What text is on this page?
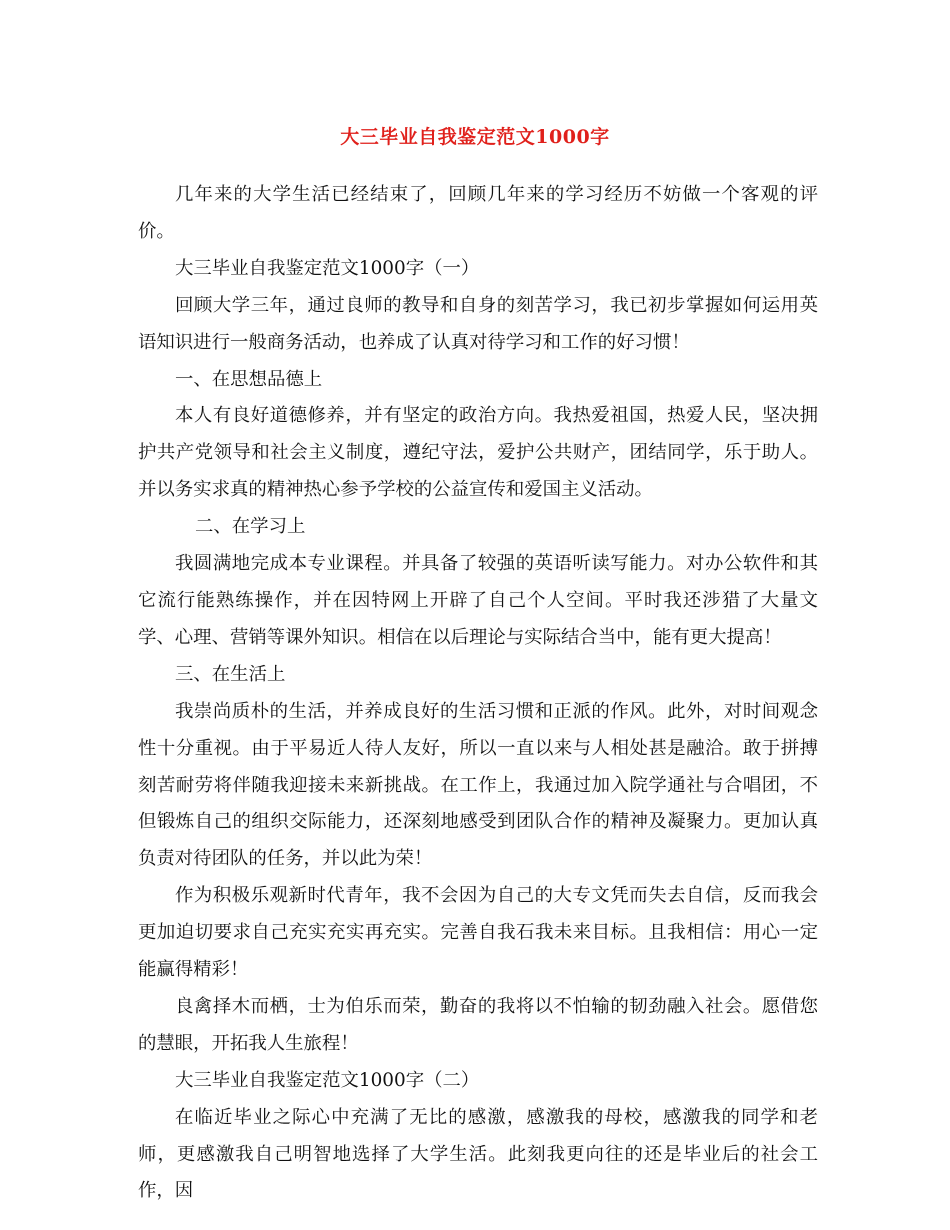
大三毕业自我鉴定范文1000字

几年来的大学生活已经结束了，回顾几年来的学习经历不妨做一个客观的评价。

大三毕业自我鉴定范文1000字（一）

回顾大学三年，通过良师的教导和自身的刻苦学习，我已初步掌握如何运用英语知识进行一般商务活动，也养成了认真对待学习和工作的好习惯！

一、在思想品德上

本人有良好道德修养，并有坚定的政治方向。我热爱祖国，热爱人民，坚决拥护共产党领导和社会主义制度，遵纪守法，爱护公共财产，团结同学，乐于助人。并以务实求真的精神热心参予学校的公益宣传和爱国主义活动。

二、在学习上

我圆满地完成本专业课程。并具备了较强的英语听读写能力。对办公软件和其它流行能熟练操作，并在因特网上开辟了自己个人空间。平时我还涉猎了大量文学、心理、营销等课外知识。相信在以后理论与实际结合当中，能有更大提高！

三、在生活上

我崇尚质朴的生活，并养成良好的生活习惯和正派的作风。此外，对时间观念性十分重视。由于平易近人待人友好，所以一直以来与人相处甚是融洽。敢于拼搏刻苦耐劳将伴随我迎接未来新挑战。在工作上，我通过加入院学通社与合唱团，不但锻炼自己的组织交际能力，还深刻地感受到团队合作的精神及凝聚力。更加认真负责对待团队的任务，并以此为荣！

作为积极乐观新时代青年，我不会因为自己的大专文凭而失去自信，反而我会更加迫切要求自己充实充实再充实。完善自我石我未来目标。且我相信：用心一定能赢得精彩！

良禽择木而栖，士为伯乐而荣，勤奋的我将以不怕输的韧劲融入社会。愿借您的慧眼，开拓我人生旅程！

大三毕业自我鉴定范文1000字（二）

在临近毕业之际心中充满了无比的感激，感激我的母校，感激我的同学和老师，更感激我自己明智地选择了大学生活。此刻我更向往的还是毕业后的社会工作，因
